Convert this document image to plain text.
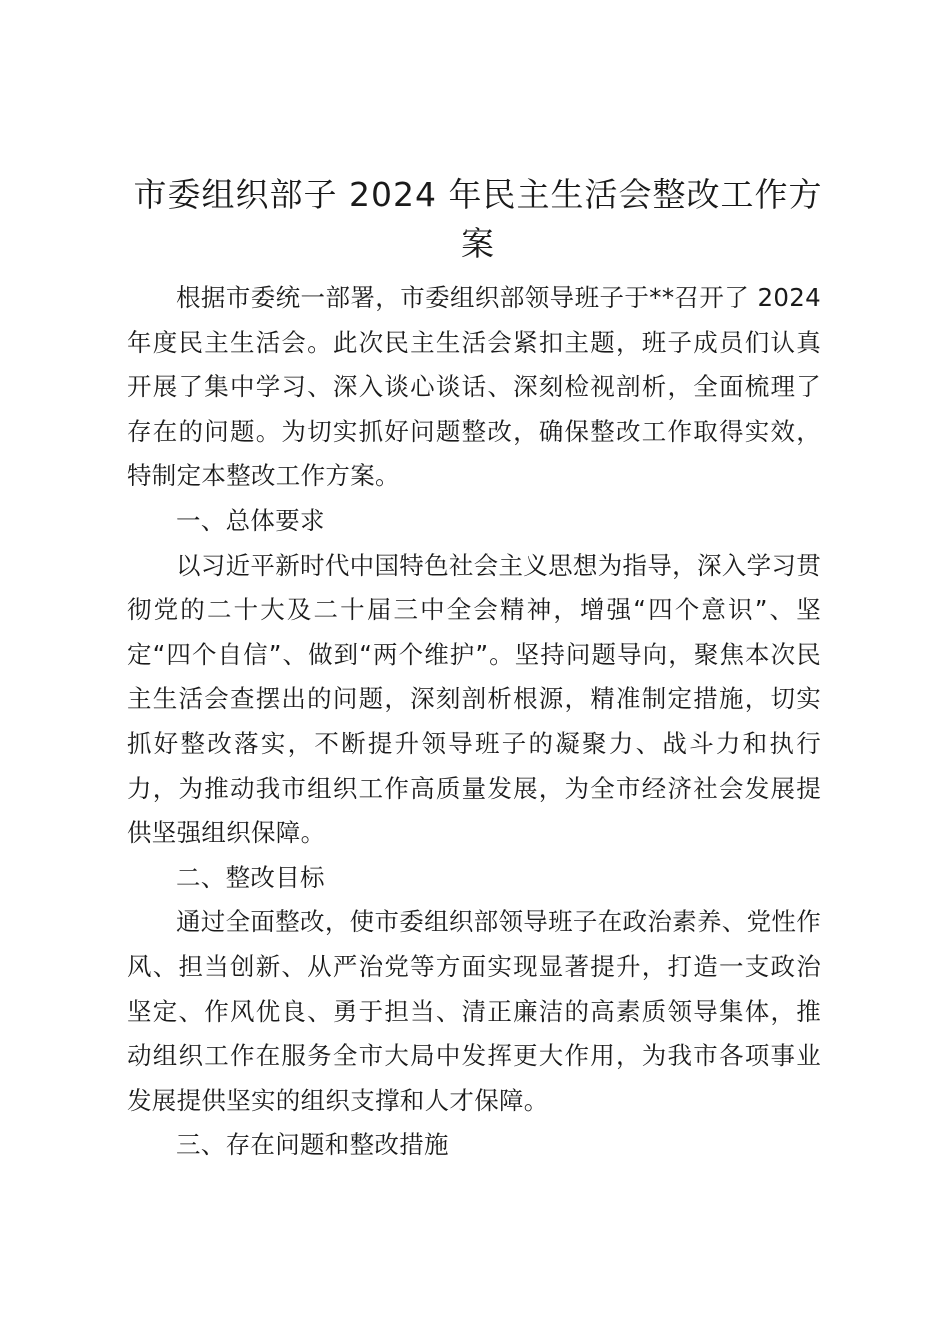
市委组织部子 2024 年民主生活会整改工作方案

根据市委统一部署，市委组织部领导班子于**召开了 2024 年度民主生活会。此次民主生活会紧扣主题，班子成员们认真开展了集中学习、深入谈心谈话、深刻检视剖析，全面梳理了存在的问题。为切实抓好问题整改，确保整改工作取得实效，特制定本整改工作方案。

一、总体要求

以习近平新时代中国特色社会主义思想为指导，深入学习贯彻党的二十大及二十届三中全会精神，增强“四个意识”、坚定“四个自信”、做到“两个维护”。坚持问题导向，聚焦本次民主生活会查摆出的问题，深刻剖析根源，精准制定措施，切实抓好整改落实，不断提升领导班子的凝聚力、战斗力和执行力，为推动我市组织工作高质量发展，为全市经济社会发展提供坚强组织保障。

二、整改目标

通过全面整改，使市委组织部领导班子在政治素养、党性作风、担当创新、从严治党等方面实现显著提升，打造一支政治坚定、作风优良、勇于担当、清正廉洁的高素质领导集体，推动组织工作在服务全市大局中发挥更大作用，为我市各项事业发展提供坚实的组织支撑和人才保障。

三、存在问题和整改措施
